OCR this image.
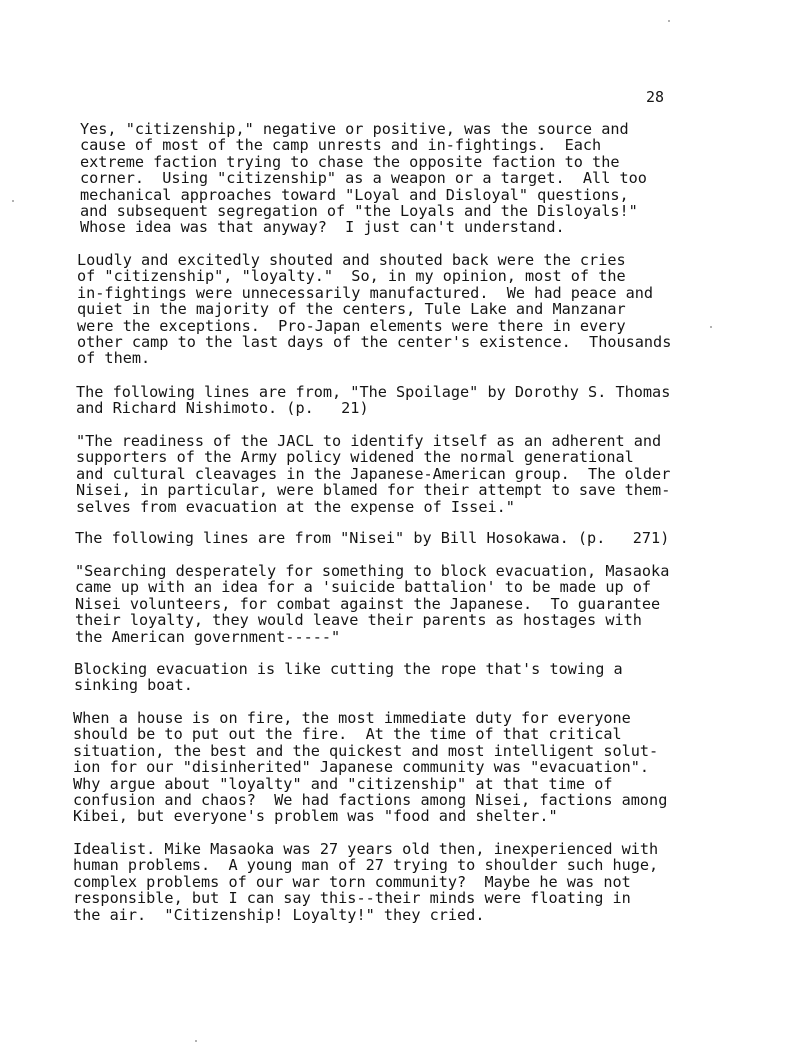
28
Yes, "citizenship," negative or positive, was the source and
cause of most of the camp unrests and in-fightings.  Each
extreme faction trying to chase the opposite faction to the
corner.  Using "citizenship" as a weapon or a target.  All too
mechanical approaches toward "Loyal and Disloyal" questions,
and subsequent segregation of "the Loyals and the Disloyals!"
Whose idea was that anyway?  I just can't understand.
Loudly and excitedly shouted and shouted back were the cries
of "citizenship", "loyalty."  So, in my opinion, most of the
in-fightings were unnecessarily manufactured.  We had peace and
quiet in the majority of the centers, Tule Lake and Manzanar
were the exceptions.  Pro-Japan elements were there in every
other camp to the last days of the center's existence.  Thousands
of them.
The following lines are from, "The Spoilage" by Dorothy S. Thomas
and Richard Nishimoto. (p.   21)
"The readiness of the JACL to identify itself as an adherent and
supporters of the Army policy widened the normal generational
and cultural cleavages in the Japanese-American group.  The older
Nisei, in particular, were blamed for their attempt to save them-
selves from evacuation at the expense of Issei."
The following lines are from "Nisei" by Bill Hosokawa. (p.   271)
"Searching desperately for something to block evacuation, Masaoka
came up with an idea for a 'suicide battalion' to be made up of
Nisei volunteers, for combat against the Japanese.  To guarantee
their loyalty, they would leave their parents as hostages with
the American government-----"
Blocking evacuation is like cutting the rope that's towing a
sinking boat.
When a house is on fire, the most immediate duty for everyone
should be to put out the fire.  At the time of that critical
situation, the best and the quickest and most intelligent solut-
ion for our "disinherited" Japanese community was "evacuation".
Why argue about "loyalty" and "citizenship" at that time of
confusion and chaos?  We had factions among Nisei, factions among
Kibei, but everyone's problem was "food and shelter."
Idealist. Mike Masaoka was 27 years old then, inexperienced with
human problems.  A young man of 27 trying to shoulder such huge,
complex problems of our war torn community?  Maybe he was not
responsible, but I can say this--their minds were floating in
the air.  "Citizenship! Loyalty!" they cried.
